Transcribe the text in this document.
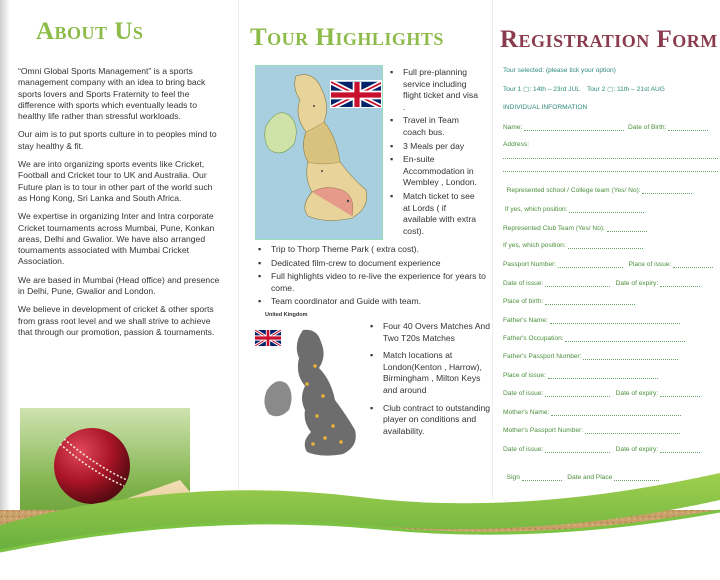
About Us

“Omni Global Sports Management” is a sports management company with an idea to bring back sports lovers and Sports Fraternity to feel the difference with sports which eventually leads to healthy life rather than stressful workloads.

Our aim is to put sports culture in to peoples mind to stay healthy & fit.

We are into organizing sports events like Cricket, Football and Cricket tour to UK and Australia. Our Future plan is to tour in other part of the world such as Hong Kong, Sri Lanka and South Africa.

We expertise in organizing Inter and Intra corporate Cricket tournaments across Mumbai, Pune, Konkan areas, Delhi and Gwalior. We have also arranged tournaments associated with Mumbai Cricket Association.

We are based in Mumbai (Head office) and presence in Delhi, Pune, Gwalior and London.

We believe in development of cricket & other sports from grass root level and we shall strive to achieve that through our promotion, passion & tournaments.

Tour Highlights
▪ Full pre-planning service including flight ticket and visa .
▪ Travel in Team coach bus.
▪ 3 Meals per day
▪ En-suite Accommodation in Wembley , London.
▪ Match ticket to see at Lords ( if available with extra cost).
▪ Trip to Thorp Theme Park ( extra cost).
▪ Dedicated film-crew to document experience
▪ Full highlights video to re-live the experience for years to come.
▪ Team coordinator and Guide with team.
United Kingdom
▪ Four 40 Overs Matches And Two T20s Matches
▪ Match locations at London(Kenton , Harrow), Birmingham , Milton Keys and around
▪ Club contract to outstanding player on conditions and availability.
Registration Form
Tour selected: (please tick your option)
Tour 1 ▢: 14th – 23rd JUL Tour 2 ▢: 11th – 21st AUG
INDIVIDUAL INFORMATION
Name:	Date of Birth:
Address:
Represented school / College team (Yes/ No):
If yes, which position:
Represented Club Team (Yes/ No):
If yes, which position:
Passport Number:	Place of issue:
Date of issue:	Date of expiry:
Place of birth:
Father's Name:
Father's Occupation:
Father's Passport Number:
Place of issue:
Date of issue:	Date of expiry:
Mother's Name:
Mother's Passport Number:
Date of issue:	Date of expiry:
Sign	Date and Place
